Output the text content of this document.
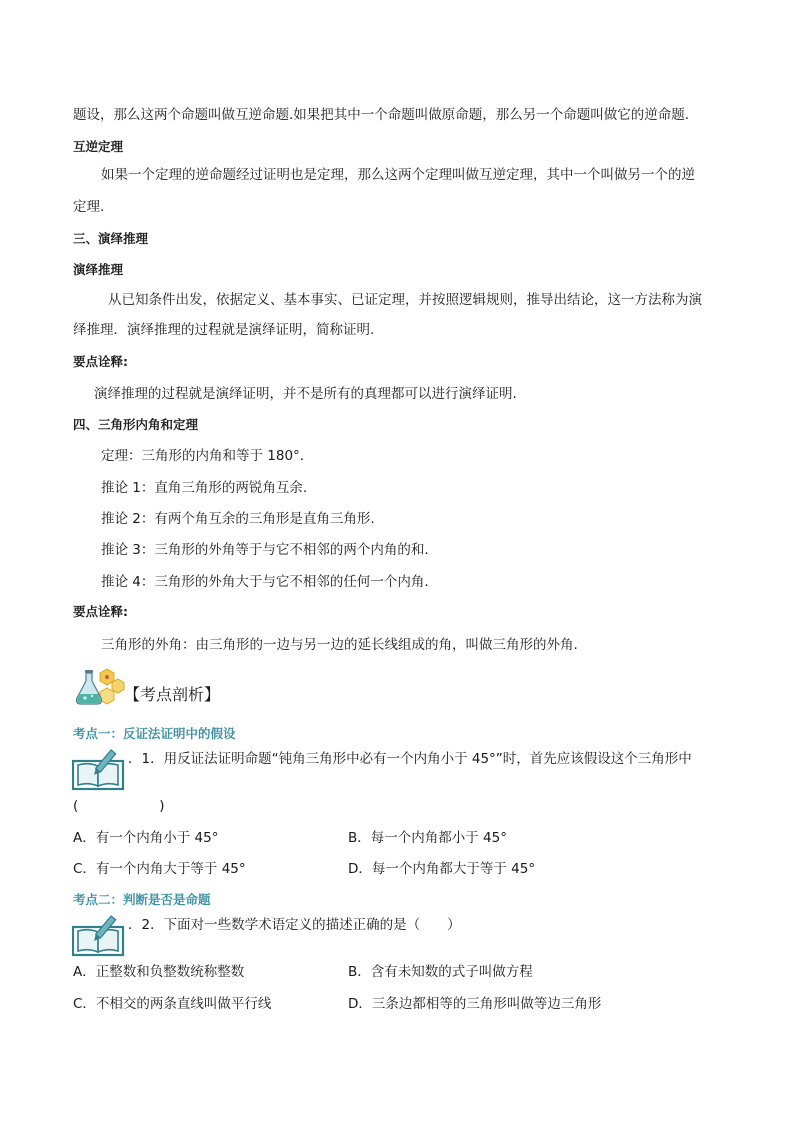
题设，那么这两个命题叫做互逆命题.如果把其中一个命题叫做原命题，那么另一个命题叫做它的逆命题.
互逆定理
如果一个定理的逆命题经过证明也是定理，那么这两个定理叫做互逆定理，其中一个叫做另一个的逆
定理.
三、演绎推理
演绎推理
从已知条件出发，依据定义、基本事实、已证定理，并按照逻辑规则，推导出结论，这一方法称为演
绎推理．演绎推理的过程就是演绎证明，简称证明.
要点诠释:
演绎推理的过程就是演绎证明，并不是所有的真理都可以进行演绎证明.
四、三角形内角和定理
定理：三角形的内角和等于 180°．
推论 1：直角三角形的两锐角互余.
推论 2：有两个角互余的三角形是直角三角形.
推论 3：三角形的外角等于与它不相邻的两个内角的和.
推论 4：三角形的外角大于与它不相邻的任何一个内角.
要点诠释:
三角形的外角：由三角形的一边与另一边的延长线组成的角，叫做三角形的外角.
【考点剖析】
考点一：反证法证明中的假设
．1．用反证法证明命题“钝角三角形中必有一个内角小于 45°”时，首先应该假设这个三角形中
(　　　　　　)
A．有一个内角小于 45°	B．每一个内角都小于 45°
C．有一个内角大于等于 45°	D．每一个内角都大于等于 45°
考点二：判断是否是命题
．2．下面对一些数学术语定义的描述正确的是（　　）
A．正整数和负整数统称整数	B．含有未知数的式子叫做方程
C．不相交的两条直线叫做平行线	D．三条边都相等的三角形叫做等边三角形
